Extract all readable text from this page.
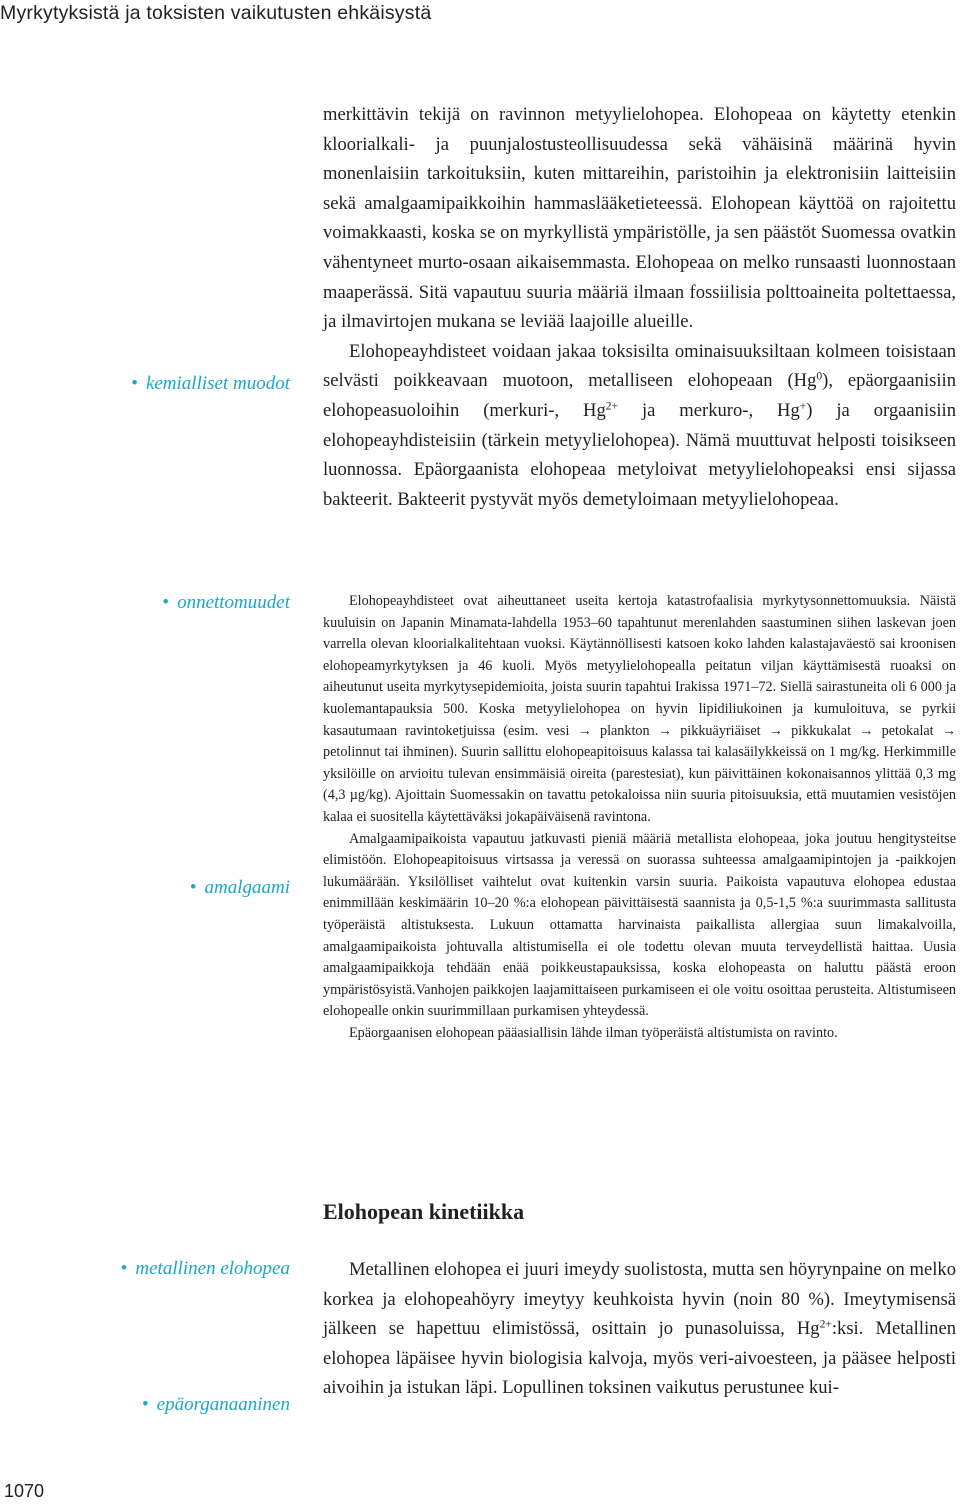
Myrkytyksistä ja toksisten vaikutusten ehkäisystä
• kemialliset muodot
• onnettomuudet
• amalgaami
• metallinen elohopea
• epäorganaaninen

merkittävin tekijä on ravinnon metyylielohopea. Elohopeaa on käytetty etenkin kloorialkali- ja puunjalostusteollisuudessa sekä vähäisinä määrinä hyvin monenlaisiin tarkoituksiin, kuten mittareihin, paristoihin ja elektronisiin laitteisiin sekä amalgaamipaikkoihin hammaslääketieteessä. Elohopean käyttöä on rajoitettu voimakkaasti, koska se on myrkyllistä ympäristölle, ja sen päästöt Suomessa ovatkin vähentyneet murto-osaan aikaisemmasta. Elohopeaa on melko runsaasti luonnostaan maaperässä. Sitä vapautuu suuria määriä ilmaan fossiilisia polttoaineita poltettaessa, ja ilmavirtojen mukana se leviää laajoille alueille.

Elohopeayhdisteet voidaan jakaa toksisilta ominaisuuksiltaan kolmeen toisistaan selvästi poikkeavaan muotoon, metalliseen elohopeaan (Hg$^0$), epäorgaanisiin elohopeasuoloihin (merkuri-, $Hg^{2+}$ ja merkuro-, Hg+) ja orgaanisiin elohopeayhdisteisiin (tärkein metyylielohopea). Nämä muuttuvat helposti toisikseen luonnossa. Epäorgaanista elohopeaa metyloivat metyylielohopeaksi ensi sijassa bakteerit. Bakteerit pystyvät myös demetyloimaan metyylielohopeaa.

Elohopeayhdisteet ovat aiheuttaneet useita kertoja katastrofaalisia myrkytysonnettomuuksia. Näistä kuuluisin on Japanin Minamata-lahdella 1953–60 tapahtunut merenlahden saastuminen siihen laskevan joen varrella olevan kloorialkalitehtaan vuoksi. Käytännöllisesti katsoen koko lahden kalastajaväestö sai kroonisen elohopeamyrkytyksen ja 46 kuoli. Myös metyylielohopealla peitatun viljan käyttämisestä ruoaksi on aiheutunut useita myrkytysepidemioita, joista suurin tapahtui Irakissa 1971–72. Siellä sairastuneita oli 6 000 ja kuolemantapauksia 500. Koska metyylielohopea on hyvin lipidiliukoinen ja kumuloituva, se pyrkii kasautumaan ravintoketjuissa (esim. vesi → plankton → pikkuäyriäiset → pikkukalat → petokalat → petolinnut tai ihminen). Suurin sallittu elohopeapitoisuus kalassa tai kalasäilykkeissä on 1 mg/kg. Herkimmille yksilöille on arvioitu tulevan ensimmäisiä oireita (parestesiat), kun päivittäinen kokonaisannos ylittää 0,3 mg (4,3 µg/kg). Ajoittain Suomessakin on tavattu petokaloissa niin suuria pitoisuuksia, että muutamien vesistöjen kalaa ei suositella käytettäväksi jokapäiväisenä ravintona.

Amalgaamipaikoista vapautuu jatkuvasti pieniä määriä metallista elohopeaa, joka joutuu hengitysteitse elimistöön. Elohopeapitoisuus virtsassa ja veressä on suorassa suhteessa amalgaamipintojen ja -paikkojen lukumäärään. Yksilölliset vaihtelut ovat kuitenkin varsin suuria. Paikoista vapautuva elohopea edustaa enimmillään keskimäärin 10–20 %:a elohopean päivittäisestä saannista ja 0,5-1,5 %:a suurimmasta sallitusta työperäistä altistuksesta. Lukuun ottamatta harvinaista paikallista allergiaa suun limakalvoilla, amalgaamipaikoista johtuvalla altistumisella ei ole todettu olevan muuta terveydellistä haittaa. Uusia amalgaamipaikkoja tehdään enää poikkeustapauksissa, koska elohopeasta on haluttu päästä eroon ympäristösyistä.Vanhojen paikkojen laajamittaiseen purkamiseen ei ole voitu osoittaa perusteita. Altistumiseen elohopealle onkin suurimmillaan purkamisen yhteydessä.

Epäorgaanisen elohopean pääasiallisin lähde ilman työperäistä altistumista on ravinto.

Elohopean kinetiikka

Metallinen elohopea ei juuri imeydy suolistosta, mutta sen höyrynpaine on melko korkea ja elohopeahöyry imeytyy keuhkoista hyvin (noin 80 %). Imeytymisensä jälkeen se hapettuu elimistössä, osittain jo punasoluissa, $Hg^{2+}:ksi$. Metallinen elohopea läpäisee hyvin biologisia kalvoja, myös veri-aivoesteen, ja pääsee helposti aivoihin ja istukan läpi. Lopullinen toksinen vaikutus perustunee kui-

1070
